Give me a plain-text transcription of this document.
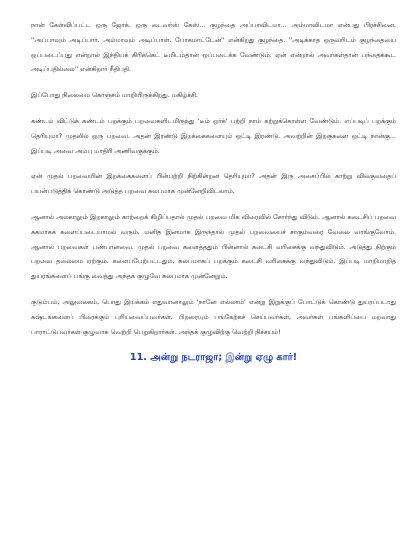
நான் கேள்விப்பட்ட ஒரு ஜோக். ஒரு டைவர்ஸ் கேஸ்... குழந்தை அப்பாவிடமா... அம்மாவிடமா என்பது பிரச்சினை. ''அப்பாவும் அடிப்பார். அம்மாவும் அடிப்பாள். போகமாட்டேன்'' என்கிறது குழந்தை. ''அடிக்காத ஒருவரிடம் குழந்தையை ஒப்படைப்பது என்றால் இந்தியக் கிரிக்கெட் டீமிடம்தான் ஒப்படைக்க வேண்டும். ஏன் என்றால் அவர்கள்தான் பந்தைக்கூட அடிப்பதில்லை'' என்கிறார் நீதிபதி.

இப்போது நிலைமை கொஞ்சம் மாறியிருக்கிறது. மகிழ்ச்சி.

கண்டம் விட்டுக் கண்டம் பறக்கும் பறவைகளிடமிருந்து 'டீம் ஒர்க்' பற்றி நாம் கற்றுக்கொள்ள வேண்டும். எப்படிப் பறக்கும் தெரியுமா? முதலில் ஒரு பறவை. அதன் இரண்டு இறக்கைகளையும் ஒட்டி இரண்டு. அவற்றின் இறகுகளை ஒட்டி நான்கு... இப்படி அவை அம்பு மாதிரி அணிவகுக்கும்.

ஏன் முதல் பறவையின் இறக்கைகளைப் பின்பற்றி நிற்கின்றன தெரியுமா? அதன் இரு அசைப்பில் காற்று விலகுவதைப் பயன்படுத்திக் கொண்டு அடுத்த பறவை சுலபமாக முன்னேறிவிடலாம்.

ஆனால் அலகாலும் இறகாலும் காற்றைக் கிழிப்பதால் முதல் பறவை மிக விரைவில் சோர்ந்து விடும். ஆனால் கடைசிப் பறவை சுகமாகக் களைப்படையாமல் வரும். மனித இனமாக இருந்தால் முதல் பறவையைச் சாகும்வரை வேலை வாங்குவோம். ஆனால் பறவைகள் பண்பானவை. முதல் பறவை களைத்ததும் பின்னால் கடைசி வரிசைக்கு வந்துவிடும். அடுத்து நிற்கும் பறவை தலைமை ஏற்கும். களைப்பேற்பட்டதும், சுலபமாகப் பறக்கும் கடைசி வரிசைக்கு வந்துவிடும். இப்படி மாறிமாறித் துயரங்களைப் பங்கு வைத்து அந்தக் குழுவே சுலபமாக முன்னேறும்.

குடும்பம், அலுவலகம், பொது இயக்கம் எதுவானாலும் 'நானே எல்லாம்' என்று இறுக்குப் போட்டுக் கொண்டு துயரப்படாது கஷ்டங்களைப் பிரைக்கும் புரியவைப்பவர்கள், பிறரையும் பங்கேற்கச் செய்பவர்கள், அவர்கள் பங்களிப்பை மறவாது பாராட்டுபவர்கள் குழுவாக வெற்றி பெறுகிறார்கள். அந்தக் குழுவிற்கு வெற்றி நிச்சயம்!

11. அன்று நடராஜா; இன்று ஏழு கார்!
